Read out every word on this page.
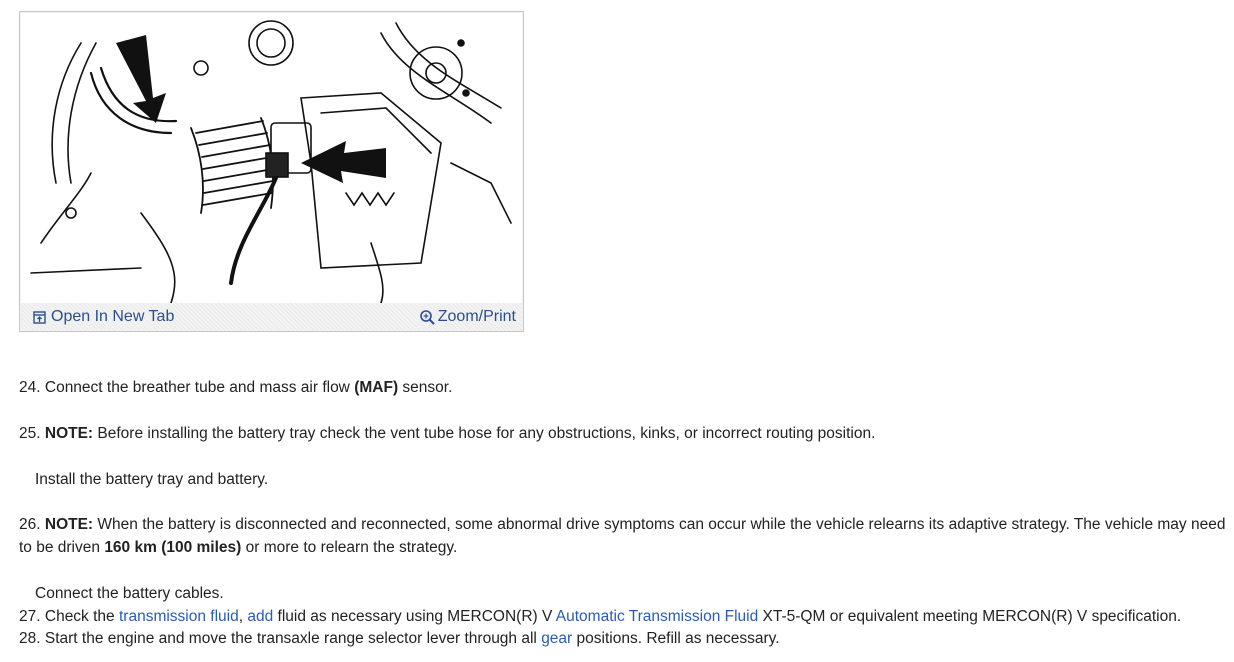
Open In New Tab	Zoom/Print
24. Connect the breather tube and mass air flow (MAF) sensor.
25. NOTE: Before installing the battery tray check the vent tube hose for any obstructions, kinks, or incorrect routing position.
Install the battery tray and battery.
26. NOTE: When the battery is disconnected and reconnected, some abnormal drive symptoms can occur while the vehicle relearns its adaptive strategy. The vehicle may need to be driven 160 km (100 miles) or more to relearn the strategy.
Connect the battery cables.
27. Check the transmission fluid, add fluid as necessary using MERCON(R) V Automatic Transmission Fluid XT-5-QM or equivalent meeting MERCON(R) V specification.
28. Start the engine and move the transaxle range selector lever through all gear positions. Refill as necessary.
